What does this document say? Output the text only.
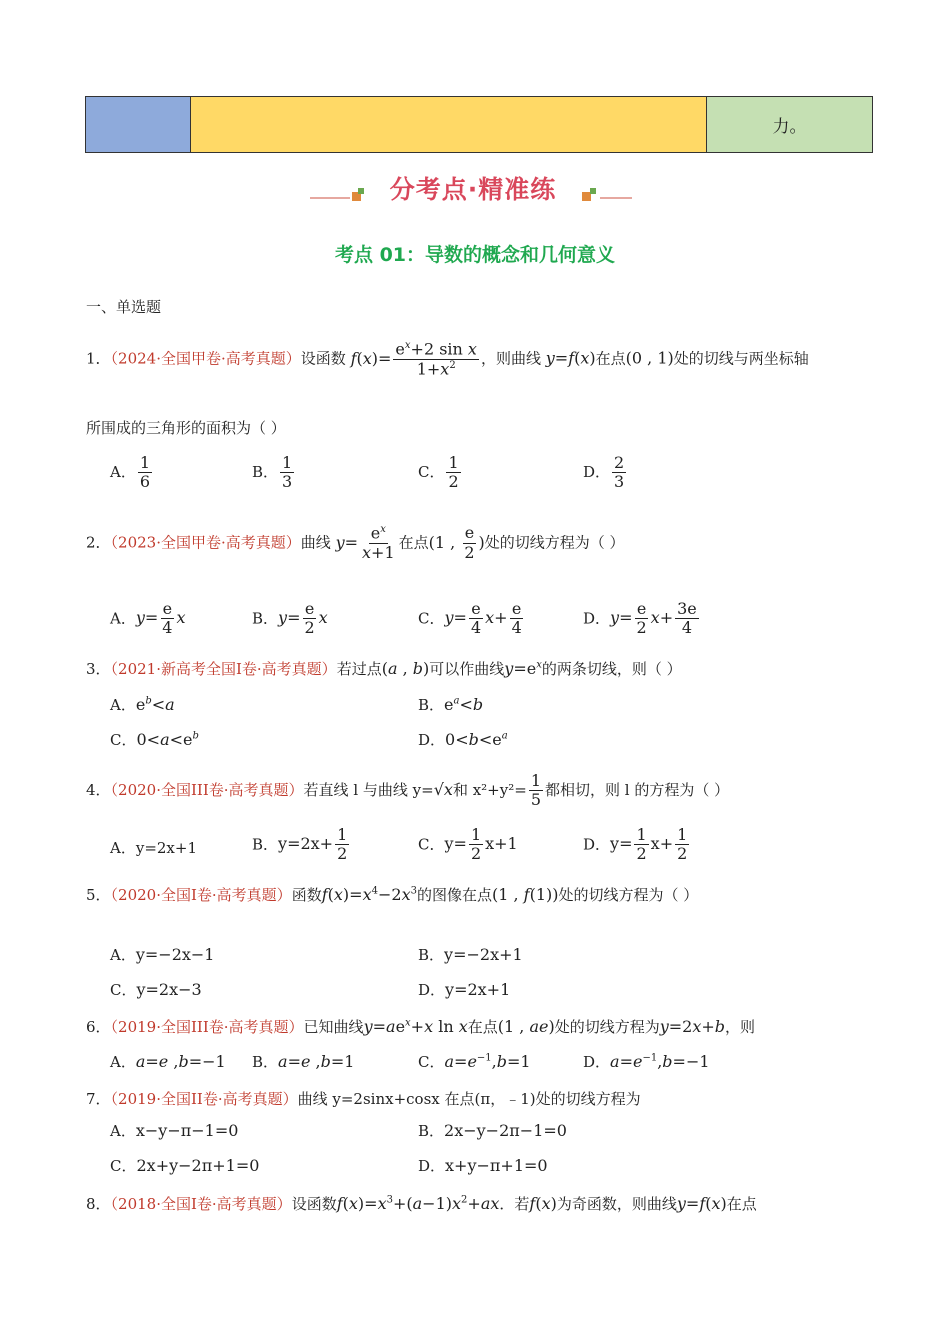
力。
分考点·精准练
考点 01：导数的概念和几何意义
一、单选题
1．（2024·全国甲卷·高考真题）设函数 $f(x)= \frac{e^x+2 \sin x}{1+x^2}$ ，则曲线 y=f(x)在点(0 , 1)处的切线与两坐标轴
所围成的三角形的面积为（ ）
A． $\frac{1}{6}$	B． $\frac{1}{3}$	C． $\frac{1}{2}$	D． $\frac{2}{3}$
2．（2023·全国甲卷·高考真题）曲线 $y= \frac{e^x}{x+1}$ 在点(1 , $\frac{e}{2}$ )处的切线方程为（ ）
A．$y= \frac{e}{4}$ x	B．$y= \frac{e}{2}$ x	C．$y= \frac{e}{4} x+ \frac{e}{4}$	D．$y= \frac{e}{2} x+ \frac{3e}{4}$
3．（2021·新高考全国Ⅰ卷·高考真题）若过点(a , b)可以作曲线$y=e^x$的两条切线，则（ ）
A．$e^b<a$	B．$e^a<b$
C．$0<a<e^b$	D．$0<b<e^a$
4．（2020·全国III卷·高考真题）若直线 l 与曲线 y=√x和 $x^2+y^2= \frac{1}{5}$ 都相切，则 l 的方程为（ ）
A．y=2x+1	B．$y=2x+ \frac{1}{2}$	C．$y= \frac{1}{2} x+1$	D．$y= \frac{1}{2} x+ \frac{1}{2}$
5．（2020·全国Ⅰ卷·高考真题）函数$f(x)=x^4-2x^3$的图像在点(1 , f(1))处的切线方程为（ ）
A．y=−2x−1	B．y=−2x+1
C．y=2x−3	D．y=2x+1
6．（2019·全国III卷·高考真题）已知曲线$y=ae^x+x$ ln x在点(1 , ae)处的切线方程为y=2x+b，则
A．a=e ,b=−1 B．a=e ,b=1	C．$a=e^{-1},b=1$	D．$a=e^{-1},b=-1$
7．（2019·全国II卷·高考真题）曲线 y=2sinx+cosx 在点(π，﹣1)处的切线方程为
A．x−y−π−1=0	B．2x−y−2π−1=0
C．2x+y−2π+1=0	D．x+y−π+1=0
8．（2018·全国Ⅰ卷·高考真题）设函数$f(x)=x^3+(a-1)x^2+ax$．若f(x)为奇函数，则曲线y=f(x)在点
